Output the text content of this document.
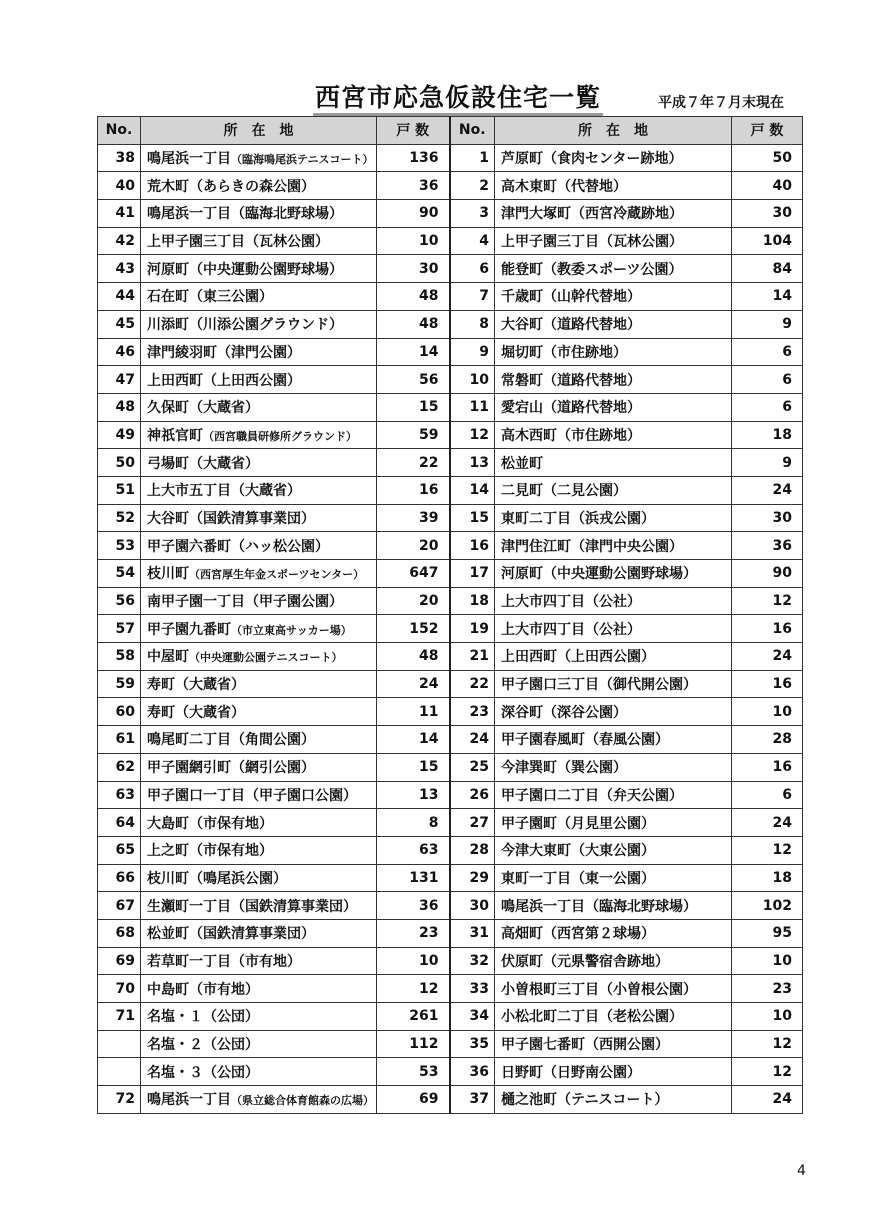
西宮市応急仮設住宅一覧	平成７年７月末現在
No.	所　在　地	戸 数	No.	所　在　地	戸 数
38	鳴尾浜一丁目（臨海鳴尾浜テニスコート）	136	1	芦原町（食肉センター跡地）	50
40	荒木町（あらきの森公園）	36	2	高木東町（代替地）	40
41	鳴尾浜一丁目（臨海北野球場）	90	3	津門大塚町（西宮冷蔵跡地）	30
42	上甲子園三丁目（瓦林公園）	10	4	上甲子園三丁目（瓦林公園）	104
43	河原町（中央運動公園野球場）	30	6	能登町（教委スポーツ公園）	84
44	石在町（東三公園）	48	7	千歳町（山幹代替地）	14
45	川添町（川添公園グラウンド）	48	8	大谷町（道路代替地）	9
46	津門綾羽町（津門公園）	14	9	堀切町（市住跡地）	6
47	上田西町（上田西公園）	56	10	常磐町（道路代替地）	6
48	久保町（大蔵省）	15	11	愛宕山（道路代替地）	6
49	神祇官町（西宮職員研修所グラウンド）	59	12	高木西町（市住跡地）	18
50	弓場町（大蔵省）	22	13	松並町	9
51	上大市五丁目（大蔵省）	16	14	二見町（二見公園）	24
52	大谷町（国鉄清算事業団）	39	15	東町二丁目（浜戎公園）	30
53	甲子園六番町（ハッ松公園）	20	16	津門住江町（津門中央公園）	36
54	枝川町（西宮厚生年金スポーツセンター）	647	17	河原町（中央運動公園野球場）	90
56	南甲子園一丁目（甲子園公園）	20	18	上大市四丁目（公社）	12
57	甲子園九番町（市立東高サッカー場）	152	19	上大市四丁目（公社）	16
58	中屋町（中央運動公園テニスコート）	48	21	上田西町（上田西公園）	24
59	寿町（大蔵省）	24	22	甲子園口三丁目（御代開公園）	16
60	寿町（大蔵省）	11	23	深谷町（深谷公園）	10
61	鳴尾町二丁目（角間公園）	14	24	甲子園春風町（春風公園）	28
62	甲子園網引町（網引公園）	15	25	今津巽町（巽公園）	16
63	甲子園口一丁目（甲子園口公園）	13	26	甲子園口二丁目（弁天公園）	6
64	大島町（市保有地）	8	27	甲子園町（月見里公園）	24
65	上之町（市保有地）	63	28	今津大東町（大東公園）	12
66	枝川町（鳴尾浜公園）	131	29	東町一丁目（東一公園）	18
67	生瀬町一丁目（国鉄清算事業団）	36	30	鳴尾浜一丁目（臨海北野球場）	102
68	松並町（国鉄清算事業団）	23	31	高畑町（西宮第２球場）	95
69	若草町一丁目（市有地）	10	32	伏原町（元県警宿舎跡地）	10
70	中島町（市有地）	12	33	小曽根町三丁目（小曽根公園）	23
71	名塩・１（公団）	261	34	小松北町二丁目（老松公園）	10
	名塩・２（公団）	112	35	甲子園七番町（西開公園）	12
	名塩・３（公団）	53	36	日野町（日野南公園）	12
72	鳴尾浜一丁目（県立総合体育館森の広場）	69	37	樋之池町（テニスコート）	24
4
